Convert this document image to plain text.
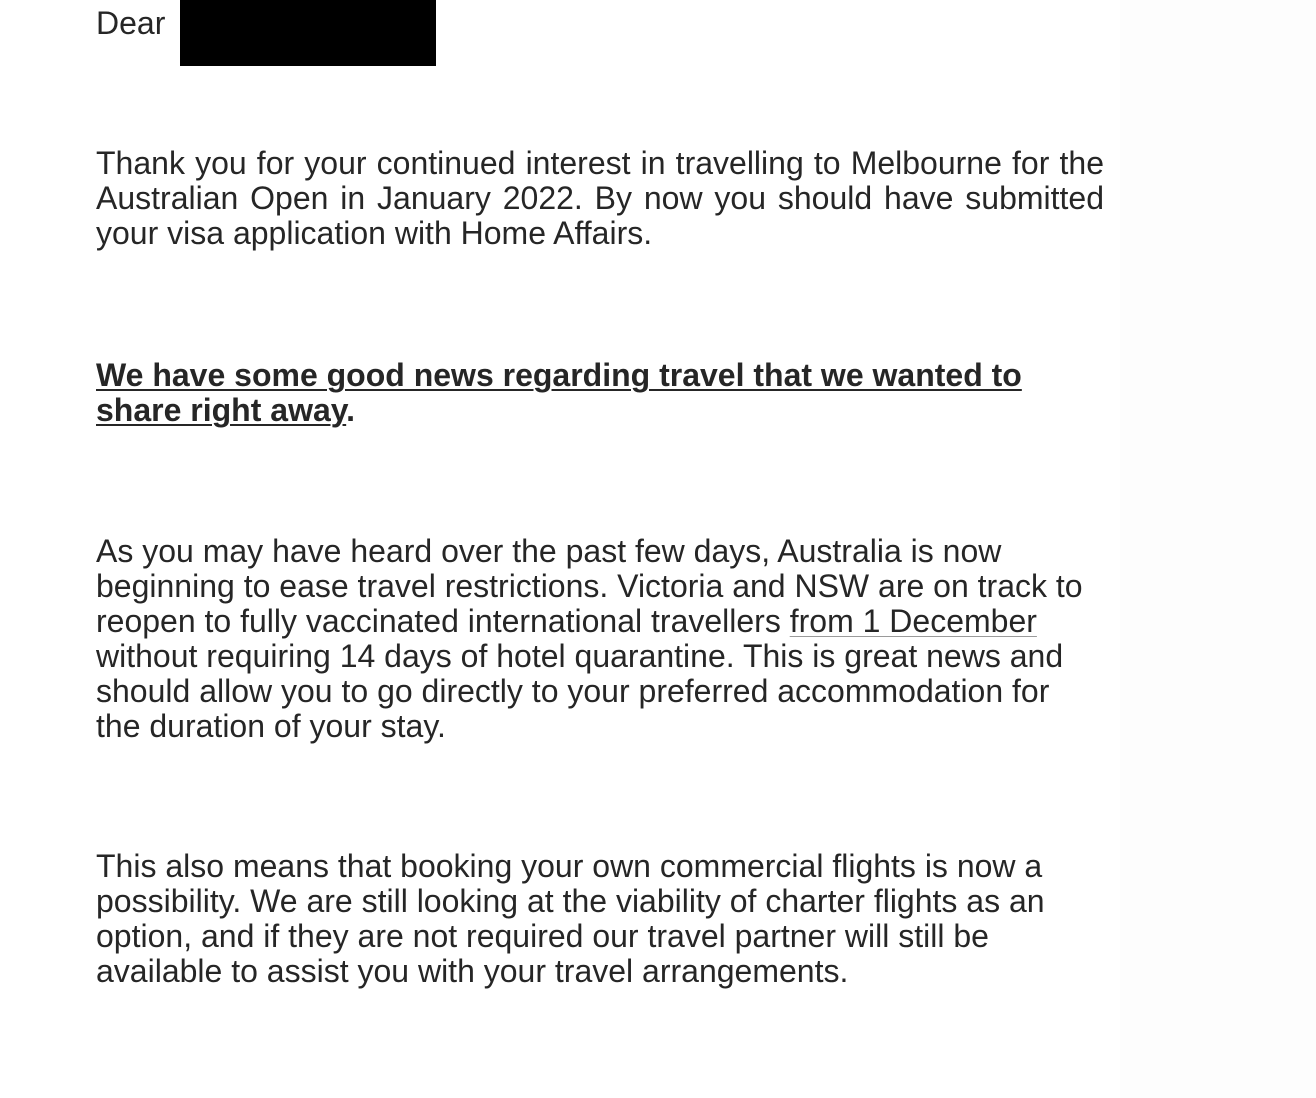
Dear

Thank you for your continued interest in travelling to Melbourne for the Australian Open in January 2022. By now you should have submitted your visa application with Home Affairs.

We have some good news regarding travel that we wanted to share right away.

As you may have heard over the past few days, Australia is now beginning to ease travel restrictions. Victoria and NSW are on track to reopen to fully vaccinated international travellers from 1 December without requiring 14 days of hotel quarantine. This is great news and should allow you to go directly to your preferred accommodation for the duration of your stay.

This also means that booking your own commercial flights is now a possibility. We are still looking at the viability of charter flights as an option, and if they are not required our travel partner will still be available to assist you with your travel arrangements.
